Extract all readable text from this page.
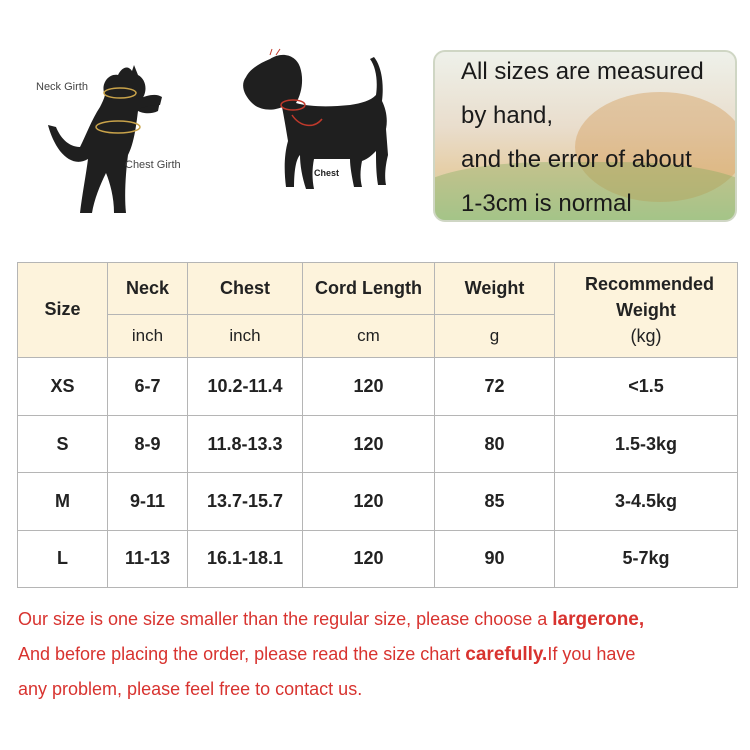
Neck Girth
Chest Girth
Chest
All sizes are measured
by hand,
and the error of about
1-3cm is normal
Size	Neck	Chest	Cord Length	Weight	Recommended Weight
(kg)

	inch	inch	cm	g	
XS	6-7	10.2-11.4	120	72	<1.5
S	8-9	11.8-13.3	120	80	1.5-3kg
M	9-11	13.7-15.7	120	85	3-4.5kg
L	11-13	16.1-18.1	120	90	5-7kg
Our size is one size smaller than the regular size, please choose a largerone,
And before placing the order, please read the size chart carefully.If you have
any problem, please feel free to contact us.
